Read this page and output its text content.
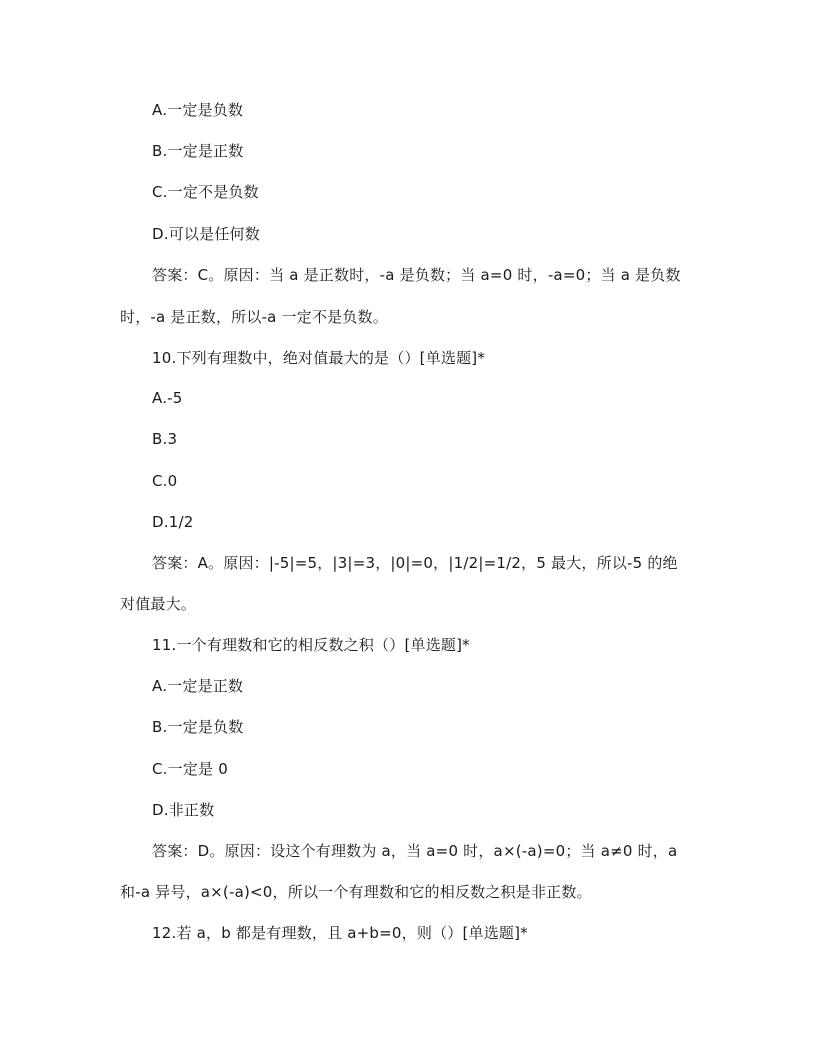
A.一定是负数
B.一定是正数
C.一定不是负数
D.可以是任何数
答案：C。原因：当 a 是正数时，-a 是负数；当 a=0 时，-a=0；当 a 是负数
时，-a 是正数，所以-a 一定不是负数。
10.下列有理数中，绝对值最大的是（）[单选题]*
A.-5
B.3
C.0
D.1/2
答案：A。原因：|-5|=5，|3|=3，|0|=0，|1/2|=1/2，5 最大，所以-5 的绝
对值最大。
11.一个有理数和它的相反数之积（）[单选题]*
A.一定是正数
B.一定是负数
C.一定是 0
D.非正数
答案：D。原因：设这个有理数为 a，当 a=0 时，a×(-a)=0；当 a≠0 时，a
和-a 异号，a×(-a)<0，所以一个有理数和它的相反数之积是非正数。
12.若 a，b 都是有理数，且 a+b=0，则（）[单选题]*
